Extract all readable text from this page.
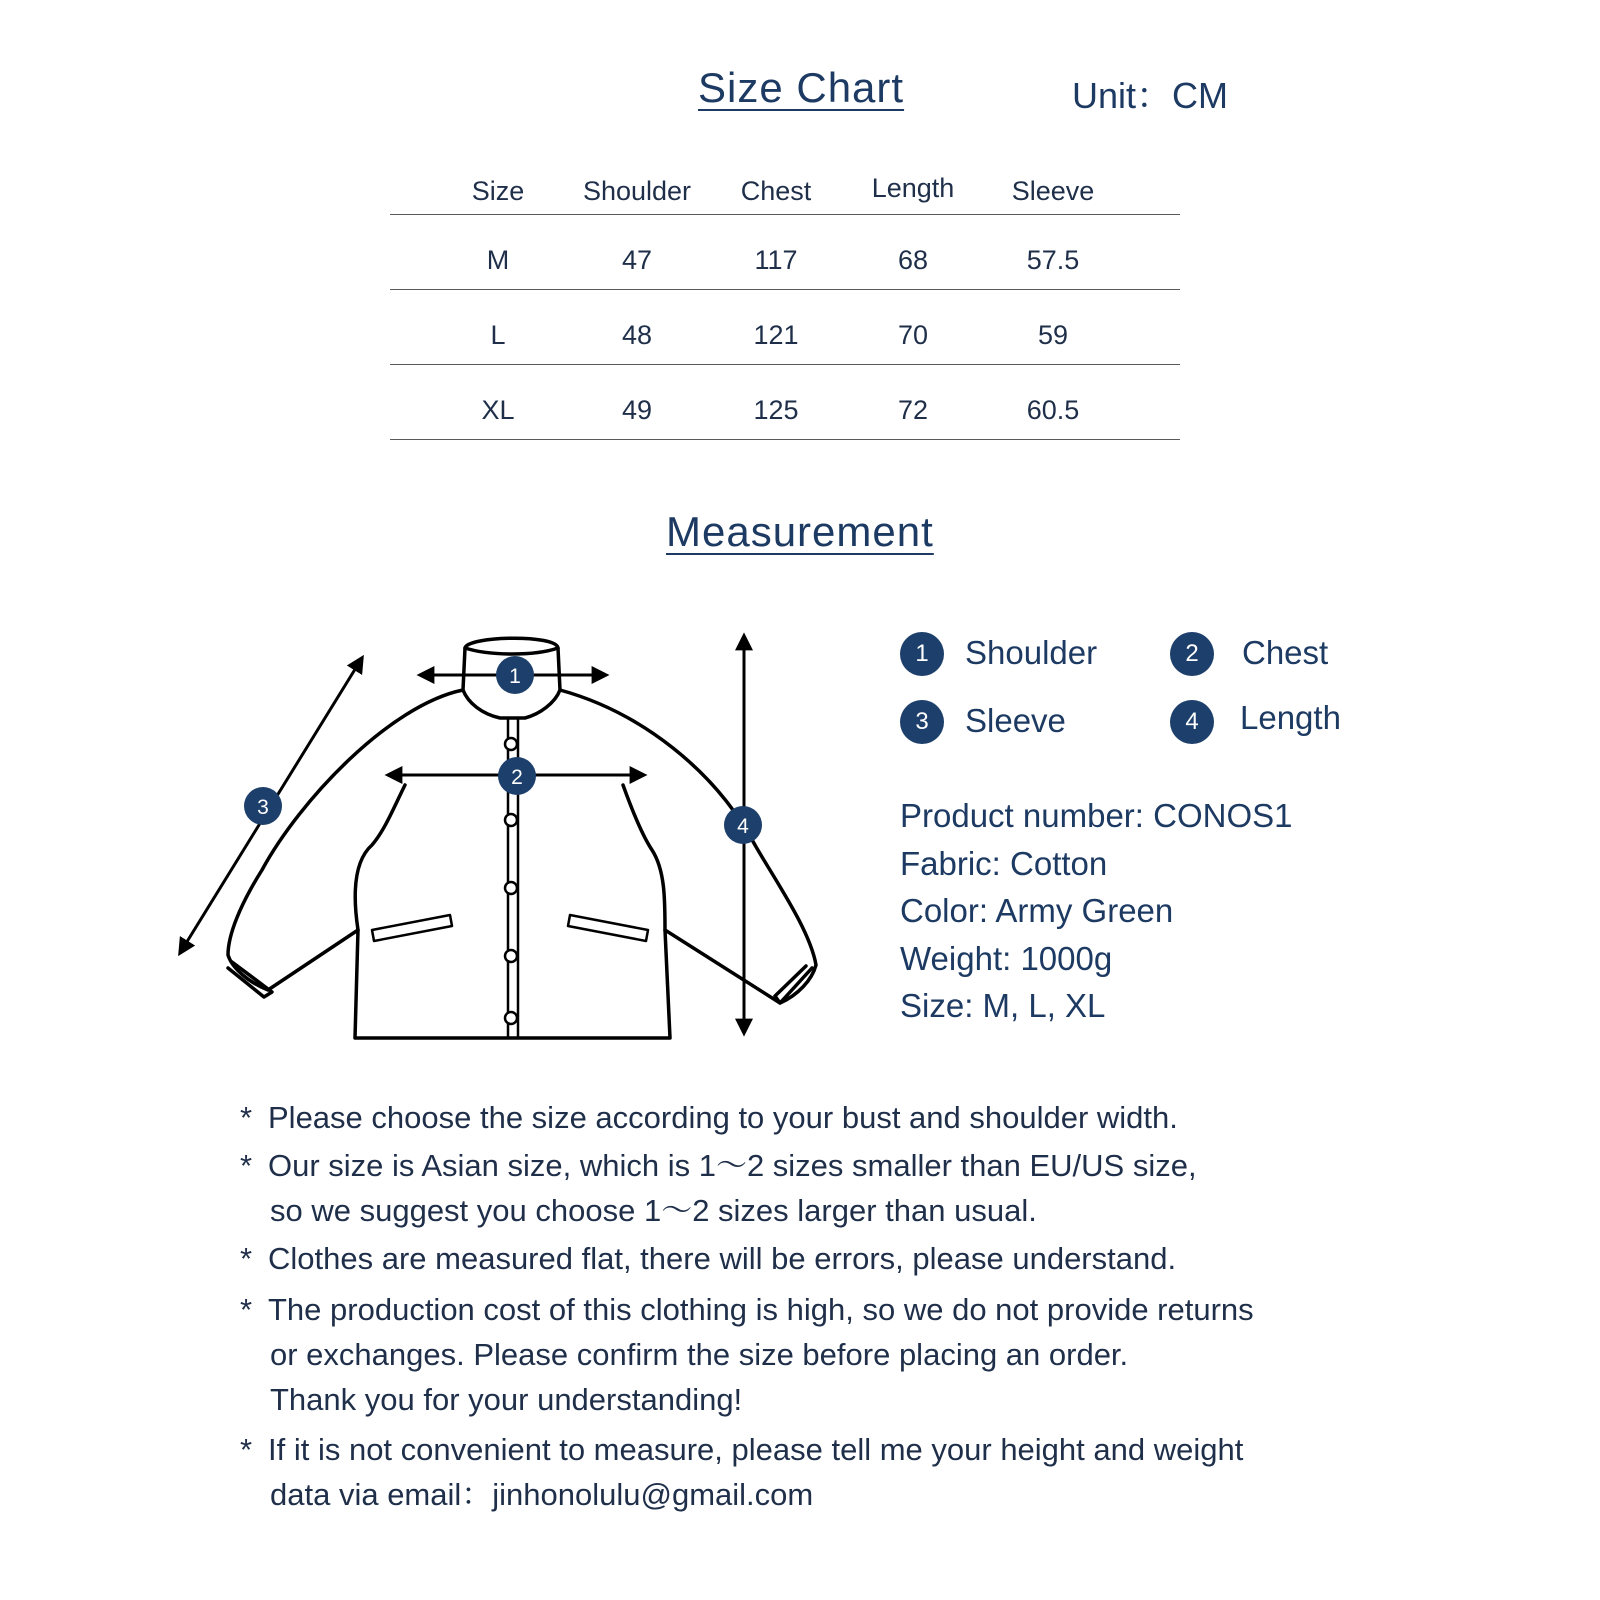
Size Chart	Unit：CM
Size	Shoulder	Chest	Length	Sleeve
M	47	117	68	57.5
L	48	121	70	59
XL	49	125	72	60.5
Measurement
1
2
3
4
1	Shoulder	2	Chest
3	Sleeve	4	Length
Product number: CONOS1
Fabric: Cotton
Color: Army Green
Weight: 1000g
Size: M, L, XL
* Please choose the size according to your bust and shoulder width.
* Our size is Asian size, which is 1～2 sizes smaller than EU/US size,
so we suggest you choose 1～2 sizes larger than usual.
* Clothes are measured flat, there will be errors, please understand.
* The production cost of this clothing is high, so we do not provide returns
or exchanges. Please confirm the size before placing an order.
Thank you for your understanding!
* If it is not convenient to measure, please tell me your height and weight
data via email：jinhonolulu@gmail.com
